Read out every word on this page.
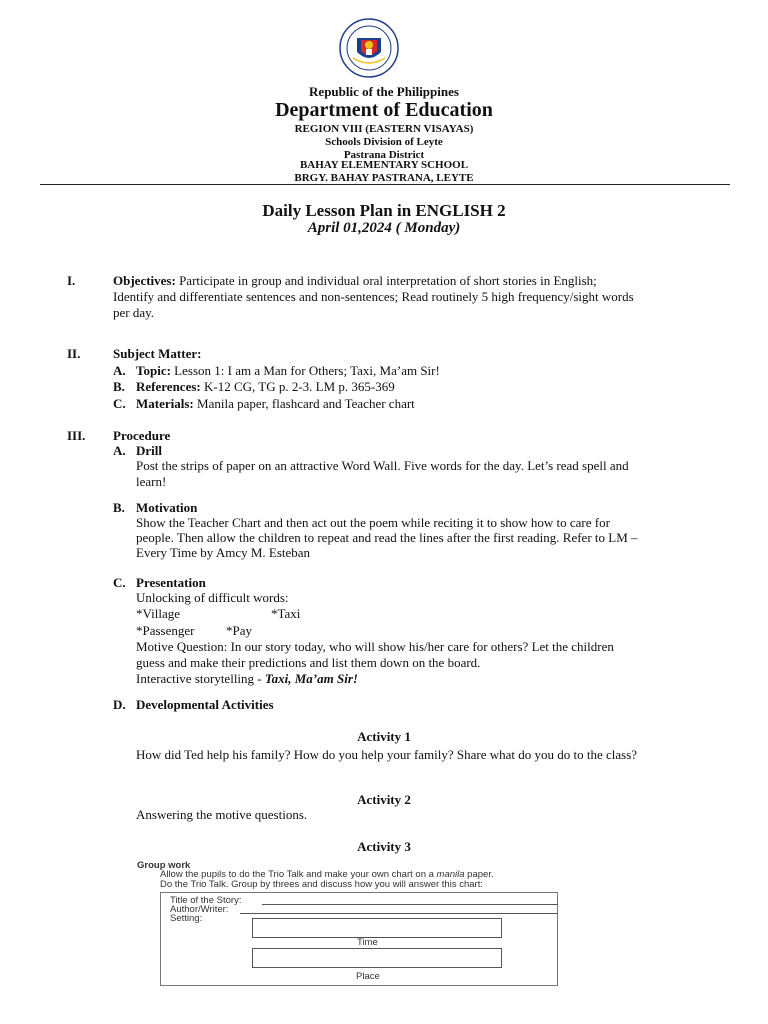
Republic of the Philippines
Department of Education
REGION VIII (EASTERN VISAYAS)
Schools Division of Leyte
Pastrana District
BAHAY ELEMENTARY SCHOOL
BRGY. BAHAY PASTRANA, LEYTE
Daily Lesson Plan in ENGLISH 2
April 01,2024 ( Monday)
I.	Objectives: Participate in group and individual oral interpretation of short stories in English;
Identify and differentiate sentences and non-sentences; Read routinely 5 high frequency/sight words
per day.
II.	Subject Matter:
A. Topic: Lesson 1: I am a Man for Others; Taxi, Ma’am Sir!
B. References: K-12 CG, TG p. 2-3. LM p. 365-369
C. Materials: Manila paper, flashcard and Teacher chart
III. Procedure
A. Drill
Post the strips of paper on an attractive Word Wall. Five words for the day. Let’s read spell and
learn!
B. Motivation
Show the Teacher Chart and then act out the poem while reciting it to show how to care for
people. Then allow the children to repeat and read the lines after the first reading. Refer to LM –
Every Time by Amcy M. Esteban
C. Presentation
Unlocking of difficult words:
*Village	*Taxi
*Passenger *Pay
Motive Question: In our story today, who will show his/her care for others? Let the children
guess and make their predictions and list them down on the board.
Interactive storytelling - Taxi, Ma’am Sir!
D. Developmental Activities
Activity 1
How did Ted help his family? How do you help your family? Share what do you do to the class?
Activity 2
Answering the motive questions.
Activity 3
Group work
Allow the pupils to do the Trio Talk and make your own chart on a manila paper.
Do the Trio Talk. Group by threes and discuss how you will answer this chart:
Title of the Story:
Author/Writer:
Setting:
Time
Place
